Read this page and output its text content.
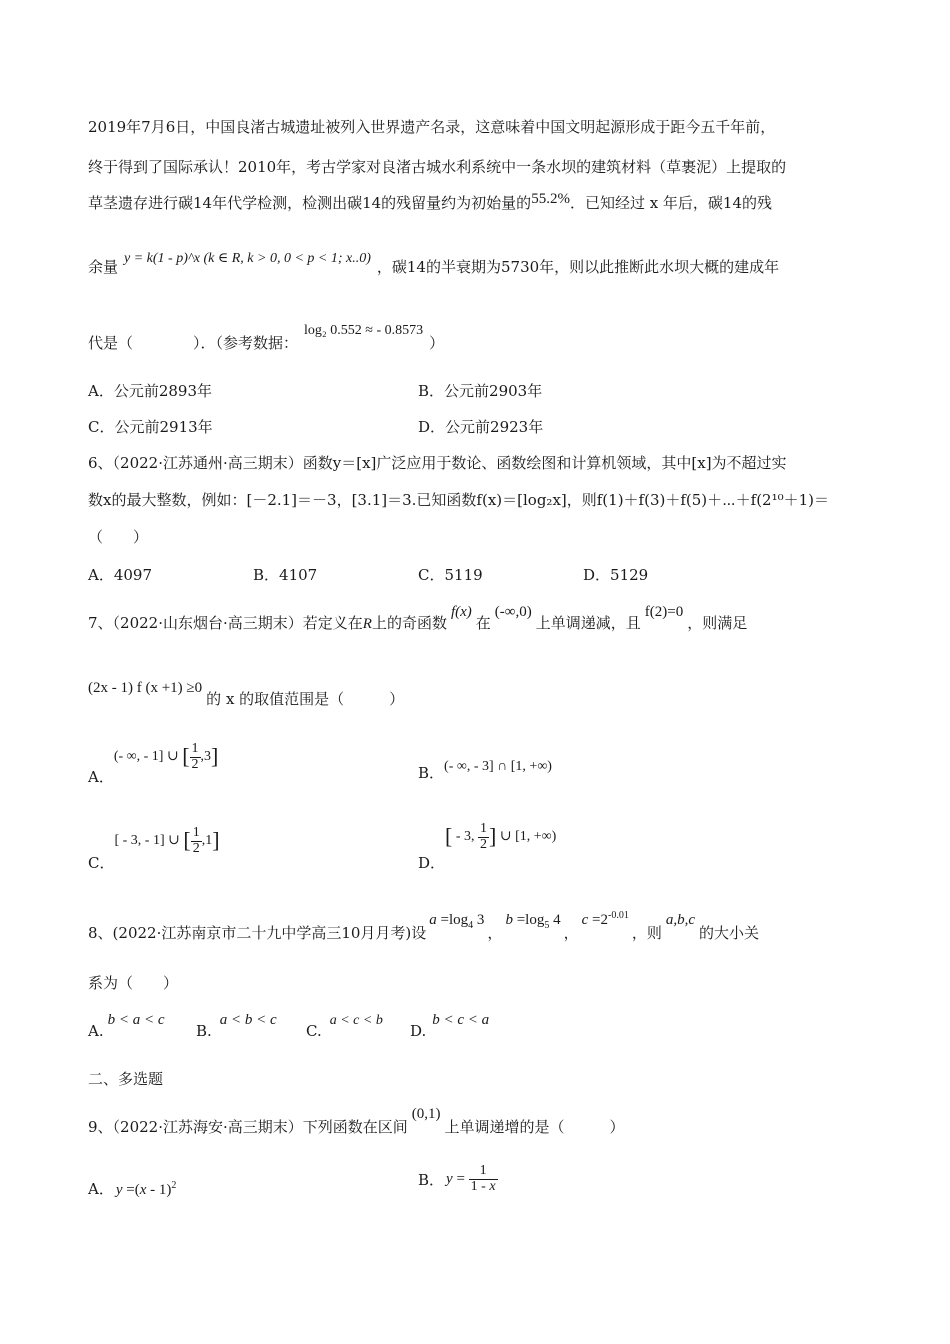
2019年7月6日，中国良渚古城遗址被列入世界遗产名录，这意味着中国文明起源形成于距今五千年前，
终于得到了国际承认！2010年，考古学家对良渚古城水利系统中一条水坝的建筑材料（草裹泥）上提取的
草茎遗存进行碳14年代学检测，检测出碳14的残留量约为初始量的55.2%．已知经过 x 年后，碳14的残
余量 y = k(1 - p)^x (k ∈ R, k > 0, 0 < p < 1; x..0) ，碳14的半衰期为5730年，则以此推断此水坝大概的建成年
代是（　　　　）．（参考数据：log₂ 0.552 ≈ - 0.8573）
A．公元前2893年	B．公元前2903年
C．公元前2913年	D．公元前2923年
6、（2022·江苏通州·高三期末）函数y＝[x]广泛应用于数论、函数绘图和计算机领域，其中[x]为不超过实
数x的最大整数，例如：[－2.1]＝－3，[3.1]＝3.已知函数f(x)＝[log₂x]，则f(1)＋f(3)＋f(5)＋⋯＋f(2¹⁰＋1)＝
（　　）
A．4097	B．4107	C．5119	D．5129
7、（2022·山东烟台·高三期末）若定义在R上的奇函数f(x)在(-∞,0)上单调递减，且f(2)=0，则满足
(2x - 1) f (x +1) ≥0的 x 的取值范围是（　　　）
A．(- ∞, - 1] ∪ [ $\frac{1}{2} ,3$]
B．(- ∞, - 3] ∩ [1, +∞)
C．[ - 3, - 1] ∪ [ $\frac{1}{2} ,1$]
D．[ - 3, $\frac{1}{2}$ ] ∪ [1, +∞)
8、(2022·江苏南京市二十九中学高三10月月考)设$a =\log_4$ 3，$b =\log_5$ 4，$c =2^{-0.01}$，则a,b,c的大小关
系为（　　）
A.b < a < c
B.a < b < c
C.a < c < b
D.b < c < a
二、多选题
9、（2022·江苏海安·高三期末）下列函数在区间(0,1)上单调递增的是（　　　）
A． y =(x - 1)$^2$	B． $y = \frac{1}{1 - x}$
